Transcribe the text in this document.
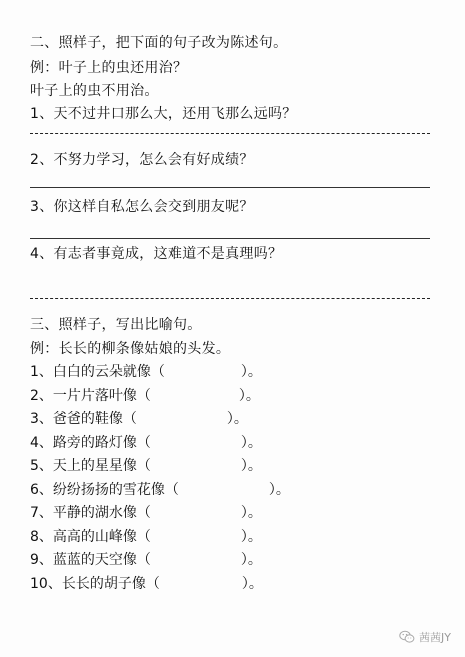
二、照样子，把下面的句子改为陈述句。
例：叶子上的虫还用治？
叶子上的虫不用治。
1、天不过井口那么大，还用飞那么远吗？
2、不努力学习，怎么会有好成绩？
3、你这样自私怎么会交到朋友呢？
4、有志者事竟成，这难道不是真理吗？
三、照样子，写出比喻句。
例：长长的柳条像姑娘的头发。
1、白白的云朵就像（	）。
2、一片片落叶像（	）。
3、爸爸的鞋像（	）。
4、路旁的路灯像（	）。
5、天上的星星像（	）。
6、纷纷扬扬的雪花像（	）。
7、平静的湖水像（	）。
8、高高的山峰像（	）。
9、蓝蓝的天空像（	）。
10、长长的胡子像（	）。
茜茜JY
